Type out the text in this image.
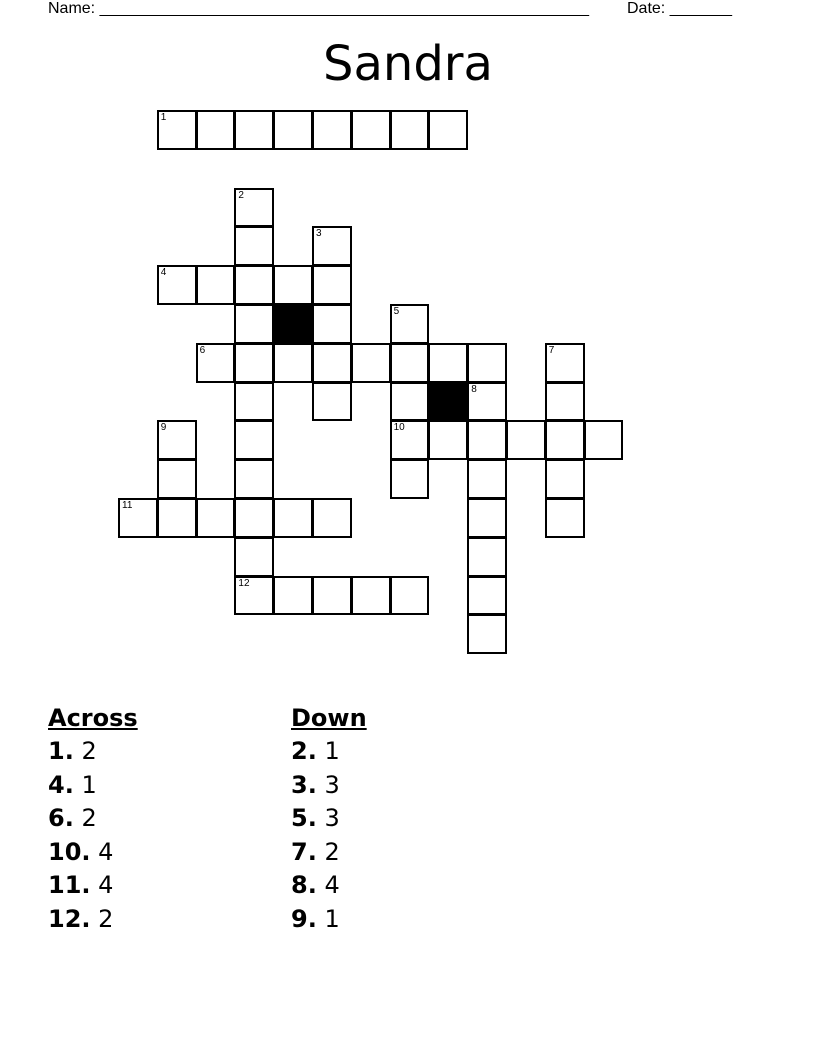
Name: _______________________________________________________ Date: _______
Sandra
1
2
12
3
4
5
10
6	7
8
9
11
Across
1. 2
4. 1
6. 2
10. 4
11. 4
12. 2
Down
2. 1
3. 3
5. 3
7. 2
8. 4
9. 1
